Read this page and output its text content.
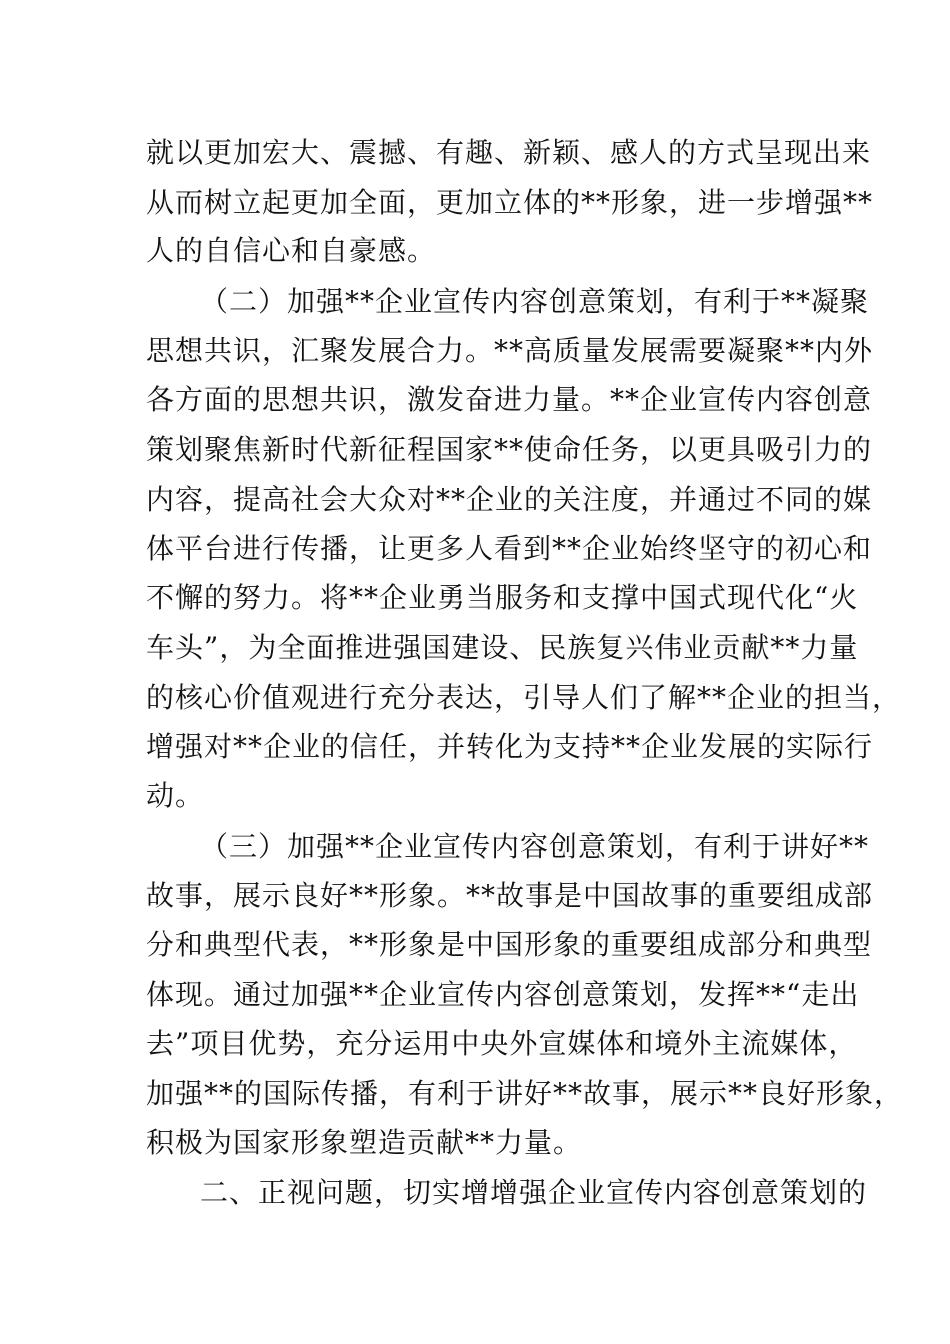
就以更加宏大、震撼、有趣、新颖、感人的方式呈现出来
从而树立起更加全面，更加立体的**形象，进一步增强**
人的自信心和自豪感。
（二）加强**企业宣传内容创意策划，有利于**凝聚
思想共识，汇聚发展合力。**高质量发展需要凝聚**内外
各方面的思想共识，激发奋进力量。**企业宣传内容创意
策划聚焦新时代新征程国家**使命任务，以更具吸引力的
内容，提高社会大众对**企业的关注度，并通过不同的媒
体平台进行传播，让更多人看到**企业始终坚守的初心和
不懈的努力。将**企业勇当服务和支撑中国式现代化“火
车头”，为全面推进强国建设、民族复兴伟业贡献**力量
的核心价值观进行充分表达，引导人们了解**企业的担当，
增强对**企业的信任，并转化为支持**企业发展的实际行
动。
（三）加强**企业宣传内容创意策划，有利于讲好**
故事，展示良好**形象。**故事是中国故事的重要组成部
分和典型代表，**形象是中国形象的重要组成部分和典型
体现。通过加强**企业宣传内容创意策划，发挥**“走出
去”项目优势，充分运用中央外宣媒体和境外主流媒体，
加强**的国际传播，有利于讲好**故事，展示**良好形象，
积极为国家形象塑造贡献**力量。
二、正视问题，切实增增强企业宣传内容创意策划的
